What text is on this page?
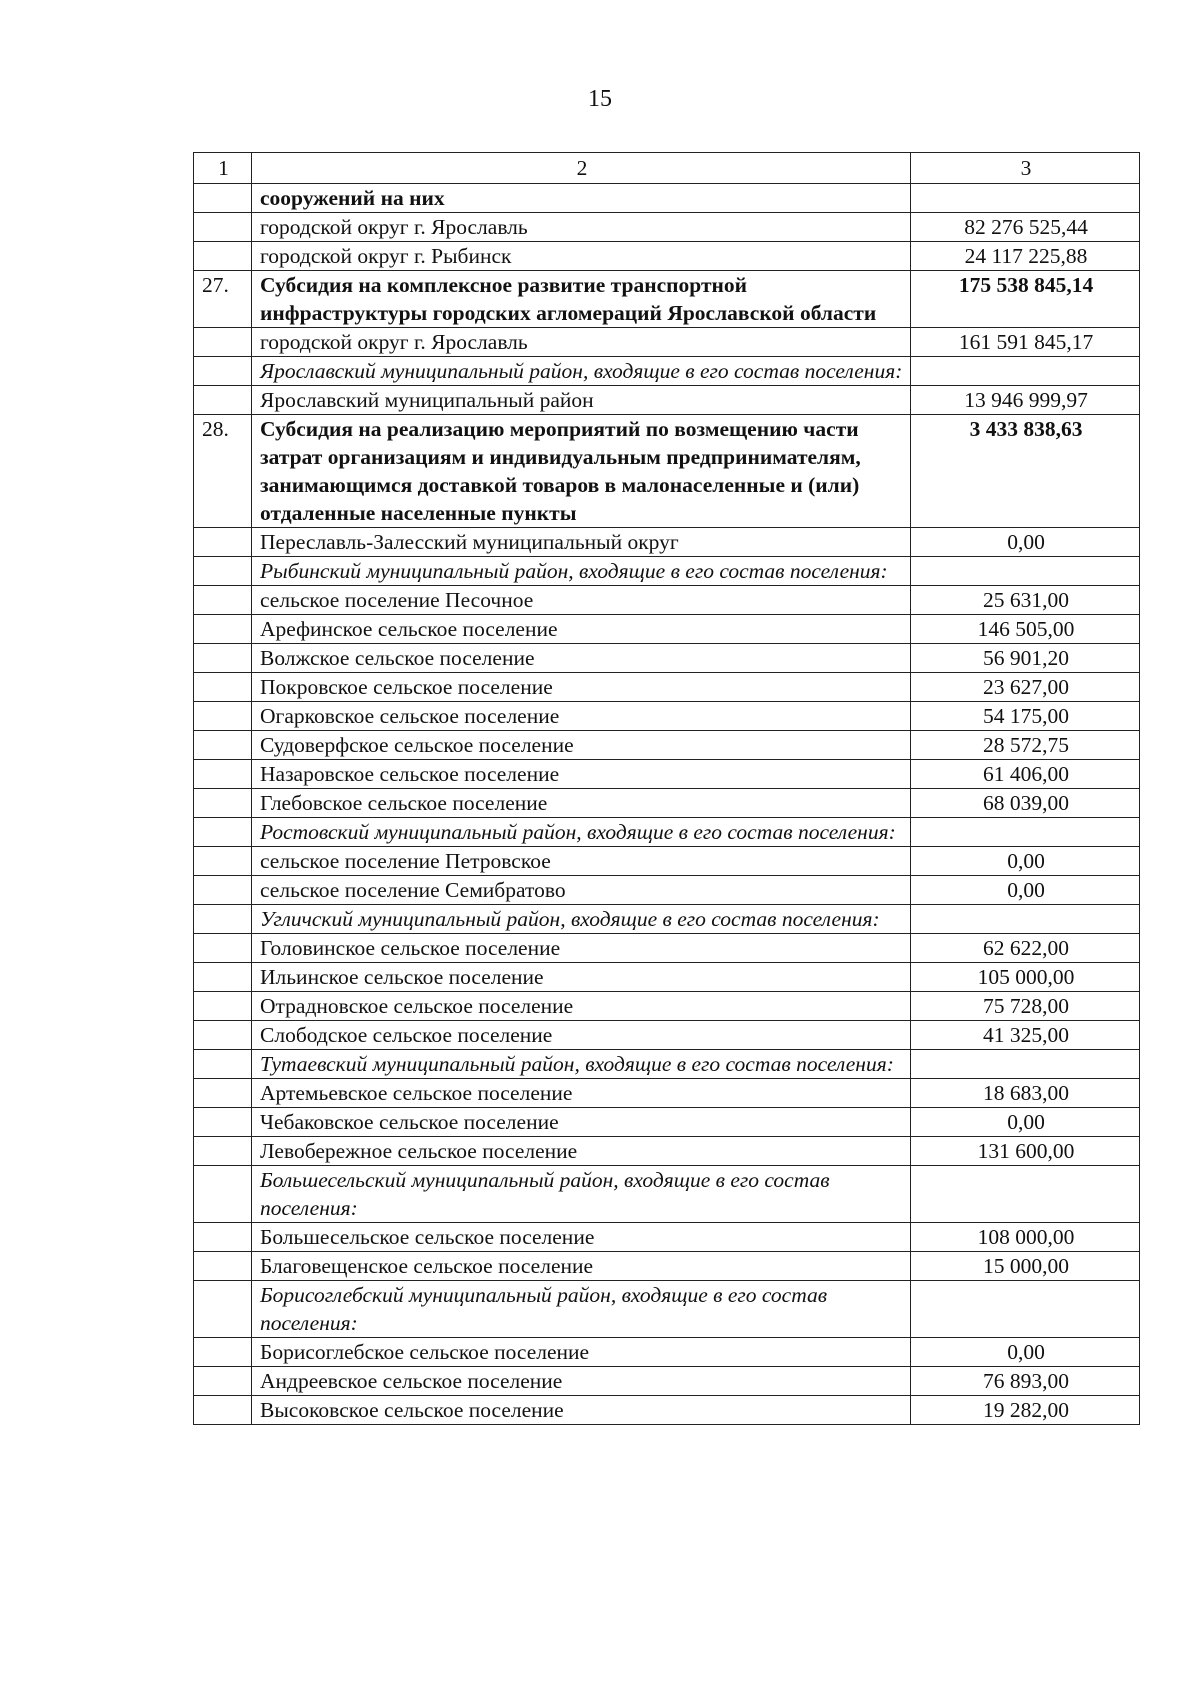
15
1	2	3
	сооружений на них	
	городской округ г. Ярославль	82 276 525,44
	городской округ г. Рыбинск	24 117 225,88
27.	Субсидия на комплексное развитие транспортной инфраструктуры городских агломераций Ярославской области	175 538 845,14
	городской округ г. Ярославль	161 591 845,17
	Ярославский муниципальный район, входящие в его состав поселения:	
	Ярославский муниципальный район	13 946 999,97
28.	Субсидия на реализацию мероприятий по возмещению части затрат организациям и индивидуальным предпринимателям, занимающимся доставкой товаров в малонаселенные и (или) отдаленные населенные пункты	3 433 838,63
	Переславль-Залесский муниципальный округ	0,00
	Рыбинский муниципальный район, входящие в его состав поселения:	
	сельское поселение Песочное	25 631,00
	Арефинское сельское поселение	146 505,00
	Волжское сельское поселение	56 901,20
	Покровское сельское поселение	23 627,00
	Огарковское сельское поселение	54 175,00
	Судоверфское сельское поселение	28 572,75
	Назаровское сельское поселение	61 406,00
	Глебовское сельское поселение	68 039,00
	Ростовский муниципальный район, входящие в его состав поселения:	
	сельское поселение Петровское	0,00
	сельское поселение Семибратово	0,00
	Угличский муниципальный район, входящие в его состав поселения:	
	Головинское сельское поселение	62 622,00
	Ильинское сельское поселение	105 000,00
	Отрадновское сельское поселение	75 728,00
	Слободское сельское поселение	41 325,00
	Тутаевский муниципальный район, входящие в его состав поселения:	
	Артемьевское сельское поселение	18 683,00
	Чебаковское сельское поселение	0,00
	Левобережное сельское поселение	131 600,00
	Большесельский муниципальный район, входящие в его состав поселения:	
	Большесельское сельское поселение	108 000,00
	Благовещенское сельское поселение	15 000,00
	Борисоглебский муниципальный район, входящие в его состав поселения:	
	Борисоглебское сельское поселение	0,00
	Андреевское сельское поселение	76 893,00
	Высоковское сельское поселение	19 282,00
